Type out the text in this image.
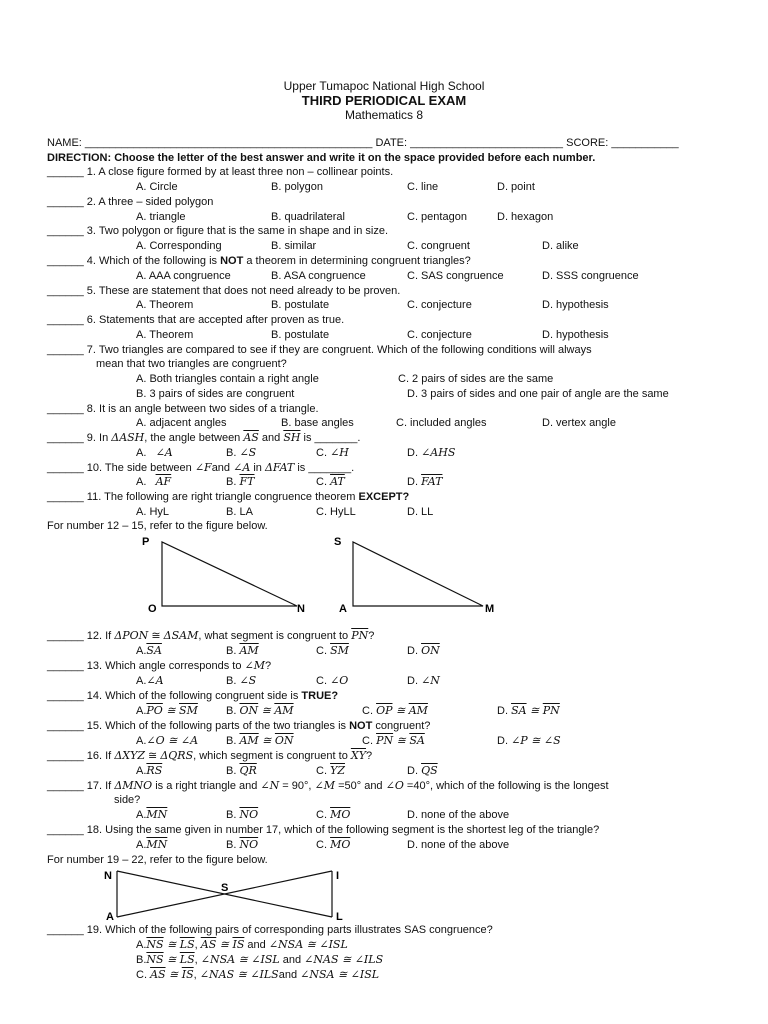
Upper Tumapoc National High School
THIRD PERIODICAL EXAM
Mathematics 8
NAME: _______________________________________________ DATE: _________________________ SCORE: ___________
DIRECTION: Choose the letter of the best answer and write it on the space provided before each number.
______ 1. A close figure formed by at least three non – collinear points.
A. Circle	B. polygon	C. line	D. point
______ 2. A three – sided polygon
A. triangle	B. quadrilateral	C. pentagon	D. hexagon
______ 3. Two polygon or figure that is the same in shape and in size.
A. Corresponding	B. similar	C. congruent	D. alike
______ 4. Which of the following is NOT a theorem in determining congruent triangles?
A. AAA congruence	B. ASA congruence	C. SAS congruence	D. SSS congruence
______ 5. These are statement that does not need already to be proven.
A. Theorem	B. postulate	C. conjecture	D. hypothesis
______ 6. Statements that are accepted after proven as true.
A. Theorem	B. postulate	C. conjecture	D. hypothesis
______ 7. Two triangles are compared to see if they are congruent. Which of the following conditions will always
mean that two triangles are congruent?
A. Both triangles contain a right angle	C. 2 pairs of sides are the same
B. 3 pairs of sides are congruent	D. 3 pairs of sides and one pair of angle are the same
______ 8. It is an angle between two sides of a triangle.
A. adjacent angles	B. base angles	C. included angles	D. vertex angle
______ 9. In ΔASH, the angle between $\overline{AS}$ and $\overline{SH}$ is _______.
A. ∠A	B. ∠S	C. ∠H	D. ∠AHS
______ 10. The side between ∠Fand ∠A in ΔFAT is _______.
A. $\overline{AF}$	B. $\overline{FT}$	C. $\overline{AT}$	D. $\overline{FAT}$
______ 11. The following are right triangle congruence theorem EXCEPT?
A. HyL	B. LA	C. HyLL	D. LL
For number 12 – 15, refer to the figure below.
P
O	N
S
A	M
______ 12. If ΔPON ≅ ΔSAM, what segment is congruent to $\overline{PN}$?
$A.\overline{SA}$	B. $\overline{AM}$	C. $\overline{SM}$	D. $\overline{ON}$
______ 13. Which angle corresponds to ∠M?
A.∠A	B. ∠S	C. ∠O	D. ∠N
______ 14. Which of the following congruent side is TRUE?
$A.\overline{PO}$ ≅ $\overline{SM}$	B. $\overline{ON}$ ≅ $\overline{AM}$	C. $\overline{OP}$ ≅ $\overline{AM}$	D. $\overline{SA}$ ≅ $\overline{PN}$
______ 15. Which of the following parts of the two triangles is NOT congruent?
A.∠O ≅ ∠A	B. $\overline{AM}$ ≅ $\overline{ON}$	C. $\overline{PN}$ ≅ $\overline{SA}$	D. ∠P ≅ ∠S
______ 16. If ΔXYZ ≅ ΔQRS, which segment is congruent to $\overline{XY}$?
$A.\overline{RS}$	B. $\overline{QR}$	C. $\overline{YZ}$	D. $\overline{QS}$
______ 17. If ΔMNO is a right triangle and ∠N = 90°, ∠M =50° and ∠O =40°, which of the following is the longest
side?
$A.\overline{MN}$	B. $\overline{NO}$	C. $\overline{MO}$	D. none of the above
______ 18. Using the same given in number 17, which of the following segment is the shortest leg of the triangle?
$A.\overline{MN}$	B. $\overline{NO}$	C. $\overline{MO}$	D. none of the above
For number 19 – 22, refer to the figure below.
N	I
S
A	L
______ 19. Which of the following pairs of corresponding parts illustrates SAS congruence?
$A.\overline{NS}$ ≅ $\overline{LS}$, $\overline{AS}$ ≅ $\overline{IS}$ and ∠NSA ≅ ∠ISL
$B.\overline{NS}$ ≅ $\overline{LS}$, ∠NSA ≅ ∠ISL and ∠NAS ≅ ∠ILS
C. $\overline{AS}$ ≅ $\overline{IS}$, ∠NAS ≅ ∠ILSand ∠NSA ≅ ∠ISL
